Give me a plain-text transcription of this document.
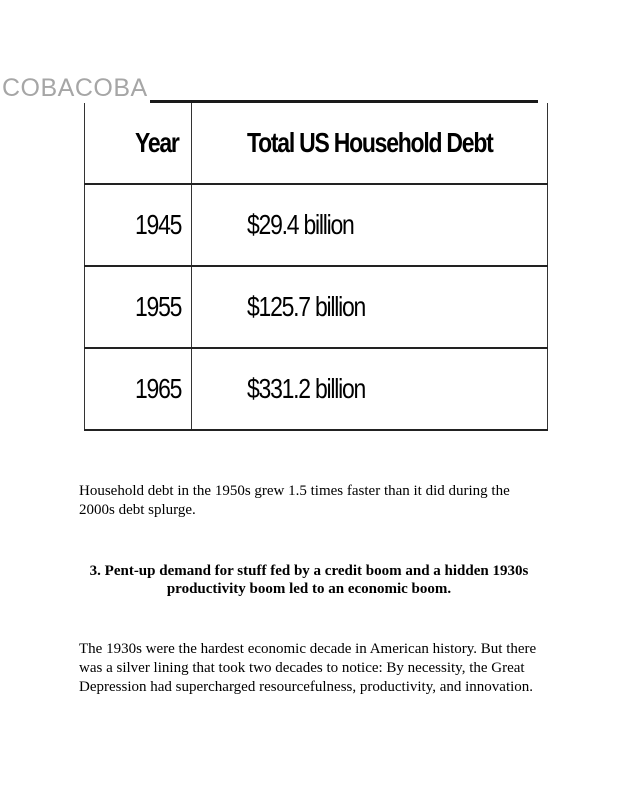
COBACOBA
Year	Total US Household Debt
1945	$29.4 billion
1955	$125.7 billion
1965	$331.2 billion

Household debt in the 1950s grew 1.5 times faster than it did during the 2000s debt splurge.

3. Pent-up demand for stuff fed by a credit boom and a hidden 1930s productivity boom led to an economic boom.

The 1930s were the hardest economic decade in American history. But there was a silver lining that took two decades to notice: By necessity, the Great Depression had supercharged resourcefulness, productivity, and innovation.
